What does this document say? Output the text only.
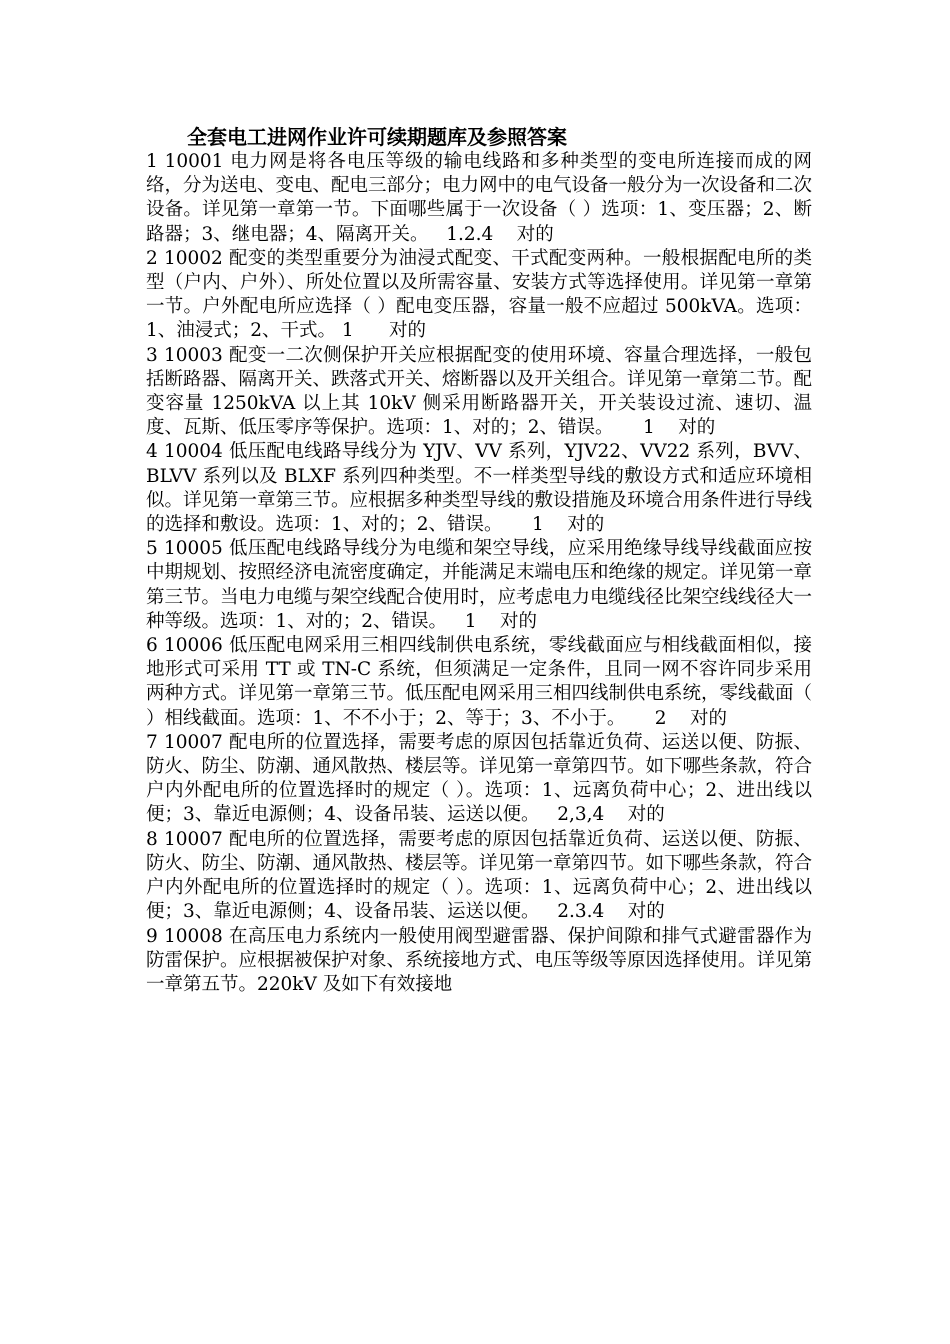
全套电工进网作业许可续期题库及参照答案

1 10001 电力网是将各电压等级的输电线路和多种类型的变电所连接而成的网络，分为送电、变电、配电三部分；电力网中的电气设备一般分为一次设备和二次设备。详见第一章第一节。下面哪些属于一次设备（ ）选项：1、变压器；2、断路器；3、继电器；4、隔离开关。   1.2.4    对的

2 10002 配变的类型重要分为油浸式配变、干式配变两种。一般根据配电所的类型（户内、户外）、所处位置以及所需容量、安装方式等选择使用。详见第一章第一节。户外配电所应选择（ ）配电变压器，容量一般不应超过 500kVA。选项：1、油浸式；2、干式。 1      对的

3 10003 配变一二次侧保护开关应根据配变的使用环境、容量合理选择，一般包括断路器、隔离开关、跌落式开关、熔断器以及开关组合。详见第一章第二节。配变容量 1250kVA 以上其 10kV 侧采用断路器开关，开关装设过流、速切、温度、瓦斯、低压零序等保护。选项：1、对的；2、错误。     1    对的

4 10004 低压配电线路导线分为 YJV、VV 系列，YJV22、VV22 系列，BVV、BLVV 系列以及 BLXF 系列四种类型。不一样类型导线的敷设方式和适应环境相似。详见第一章第三节。应根据多种类型导线的敷设措施及环境合用条件进行导线的选择和敷设。选项：1、对的；2、错误。     1    对的

5 10005 低压配电线路导线分为电缆和架空导线，应采用绝缘导线导线截面应按中期规划、按照经济电流密度确定，并能满足末端电压和绝缘的规定。详见第一章第三节。当电力电缆与架空线配合使用时，应考虑电力电缆线径比架空线线径大一种等级。选项：1、对的；2、错误。   1    对的

6 10006 低压配电网采用三相四线制供电系统，零线截面应与相线截面相似，接地形式可采用 TT 或 TN-C 系统，但须满足一定条件，且同一网不容许同步采用两种方式。详见第一章第三节。低压配电网采用三相四线制供电系统，零线截面（ ）相线截面。选项：1、不不小于；2、等于；3、不小于。     2    对的

7 10007 配电所的位置选择，需要考虑的原因包括靠近负荷、运送以便、防振、防火、防尘、防潮、通风散热、楼层等。详见第一章第四节。如下哪些条款，符合户内外配电所的位置选择时的规定（ ）。选项：1、远离负荷中心；2、进出线以便；3、靠近电源侧；4、设备吊装、运送以便。   2,3,4    对的

8 10007 配电所的位置选择，需要考虑的原因包括靠近负荷、运送以便、防振、防火、防尘、防潮、通风散热、楼层等。详见第一章第四节。如下哪些条款，符合户内外配电所的位置选择时的规定（ ）。选项：1、远离负荷中心；2、进出线以便；3、靠近电源侧；4、设备吊装、运送以便。   2.3.4    对的

9 10008 在高压电力系统内一般使用阀型避雷器、保护间隙和排气式避雷器作为防雷保护。应根据被保护对象、系统接地方式、电压等级等原因选择使用。详见第一章第五节。220kV 及如下有效接地
